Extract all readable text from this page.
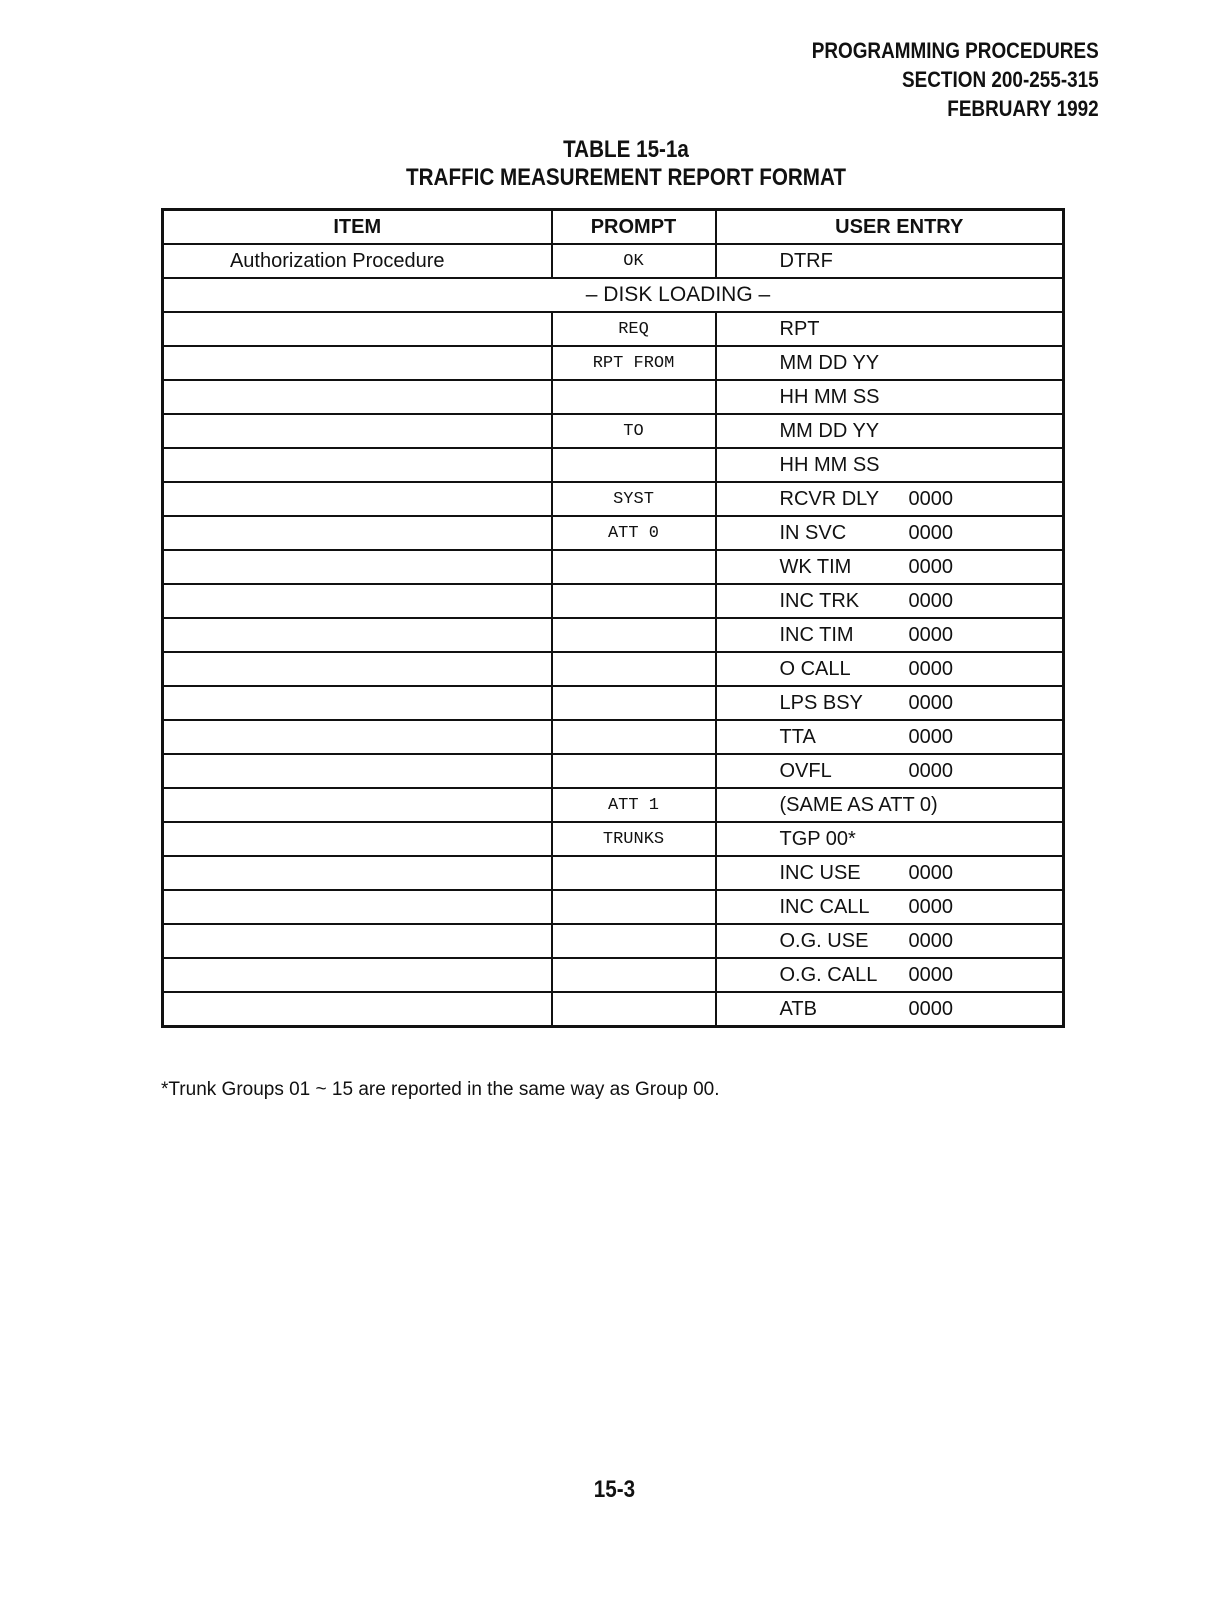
PROGRAMMING PROCEDURES
SECTION 200-255-315
FEBRUARY 1992
TABLE 15-1a
TRAFFIC MEASUREMENT REPORT FORMAT
ITEM	PROMPT	USER ENTRY
Authorization Procedure	OK	DTRF
– DISK LOADING –		
	REQ	RPT
	RPT FROM	MM DD YY
		HH MM SS
	TO	MM DD YY
		HH MM SS
	SYST	RCVR DLY 0000
	ATT 0	IN SVC 0000
		WK TIM 0000
		INC TRK 0000
		INC TIM 0000
		O CALL 0000
		LPS BSY 0000
		TTA 0000
		OVFL 0000
	ATT 1	(SAME AS ATT 0)
	TRUNKS	TGP 00*
		INC USE 0000
		INC CALL 0000
		O.G. USE 0000
		O.G. CALL 0000
		ATB 0000
*Trunk Groups 01 ~ 15 are reported in the same way as Group 00.
15-3
